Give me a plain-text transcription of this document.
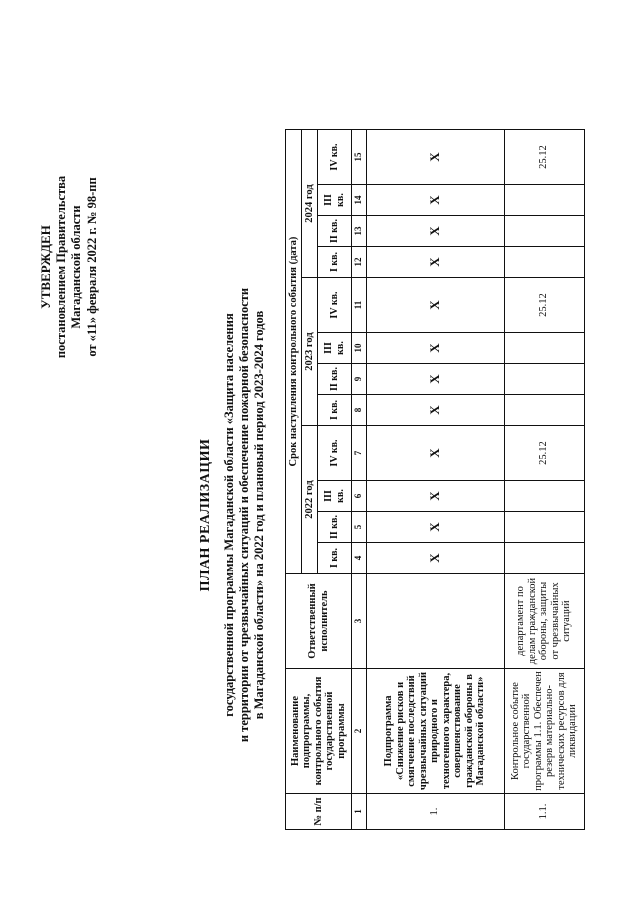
УТВЕРЖДЕН постановлением Правительства Магаданской области от «11» февраля 2022 г. № 98-пп
ПЛАН РЕАЛИЗАЦИИ государственной программы Магаданской области «Защита населения и территории от чрезвычайных ситуаций и обеспечение пожарной безопасности в Магаданской области» на 2022 год и плановый период 2023-2024 годов
№ п/п	Наименование подпрограммы, контрольного события государственной программы	Ответственный исполнитель	Срок наступления контрольного события (дата)											
			2022 год				2023 год				2024 год			
			I кв.	II кв.	III кв.	IV кв.	I кв.	II кв.	III кв.	IV кв.	I кв.	II кв.	III кв.	IV кв.
1	2	3	4	5	6	7	8	9	10	11	12	13	14	15
1.	Подпрограмма «Снижение рисков и смягчение последствий чрезвычайных ситуаций природного и техногенного характера, совершенствование гражданской обороны в Магаданской области»		X	X	X	X	X	X	X	X	X	X	X	X
1.1.	Контрольное событие государственной программы 1.1. Обеспечен резерв материально-технических ресурсов для ликвидации	департамент по делам гражданской обороны, защиты от чрезвычайных ситуаций				25.12				25.12				25.12
